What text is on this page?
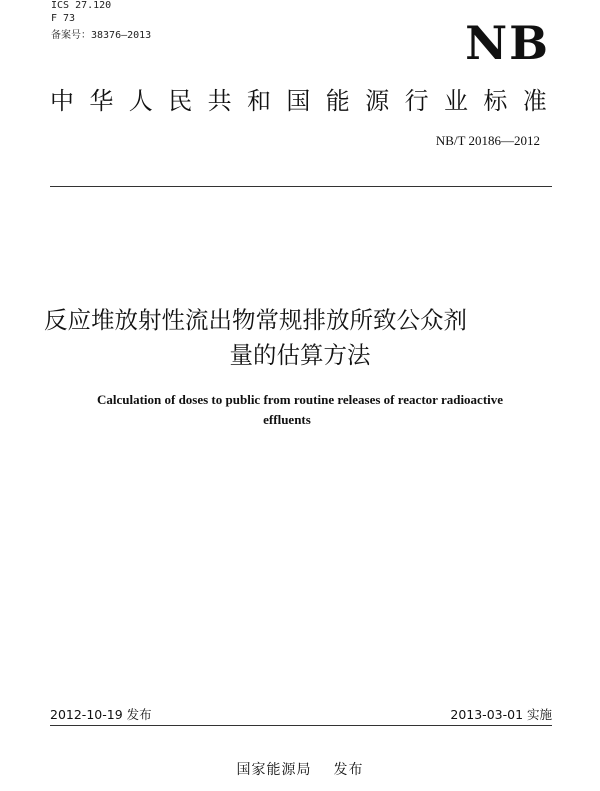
ICS 27.120
F 73
备案号：38376—2013	NB
中华人民共和国能源行业标准
NB/T 20186—2012
反应堆放射性流出物常规排放所致公众剂
量的估算方法
Calculation of doses to public from routine releases of reactor radioactive
effluents
2012-10-19 发布	2013-03-01 实施
国家能源局 发布
